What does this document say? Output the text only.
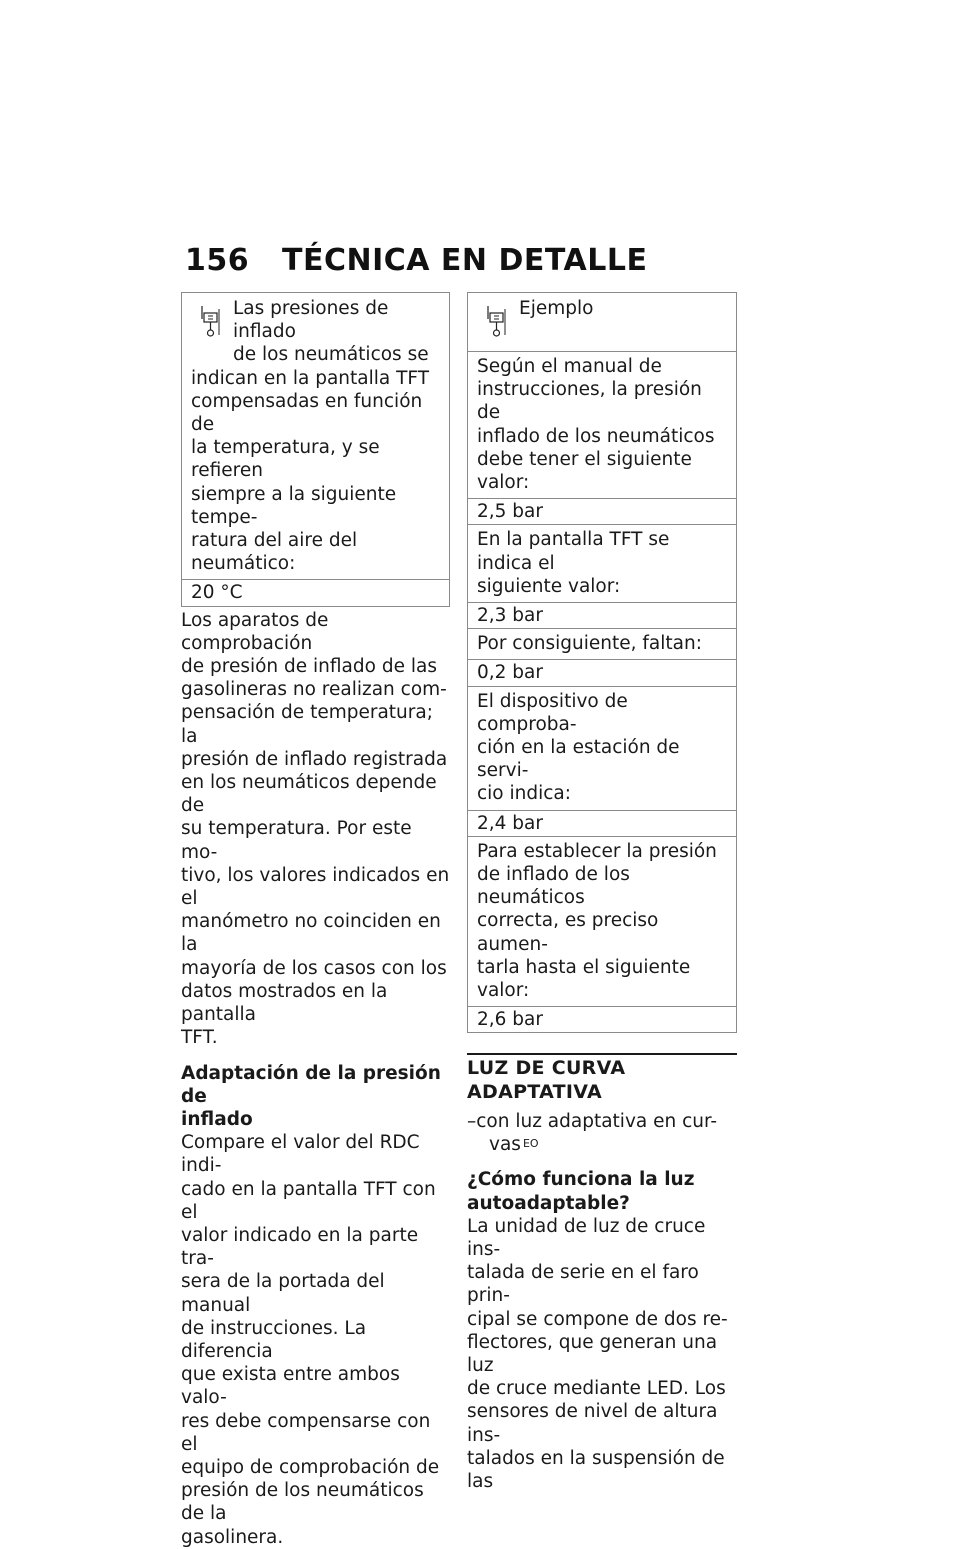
156 TÉCNICA EN DETALLE
Las presiones de inflado
de los neumáticos se
indican en la pantalla TFT
compensadas en función de
la temperatura, y se refieren
siempre a la siguiente tempe-
ratura del aire del neumático:
20 °C
Los aparatos de comprobación
de presión de inflado de las
gasolineras no realizan com-
pensación de temperatura; la
presión de inflado registrada
en los neumáticos depende de
su temperatura. Por este mo-
tivo, los valores indicados en el
manómetro no coinciden en la
mayoría de los casos con los
datos mostrados en la pantalla
TFT.
Adaptación de la presión de
inflado
Compare el valor del RDC indi-
cado en la pantalla TFT con el
valor indicado en la parte tra-
sera de la portada del manual
de instrucciones. La diferencia
que exista entre ambos valo-
res debe compensarse con el
equipo de comprobación de
presión de los neumáticos de la
gasolinera.
Ejemplo
Según el manual de
instrucciones, la presión de
inflado de los neumáticos
debe tener el siguiente valor:
2,5 bar
En la pantalla TFT se indica el
siguiente valor:
2,3 bar
Por consiguiente, faltan:
0,2 bar
El dispositivo de comproba-
ción en la estación de servi-
cio indica:
2,4 bar
Para establecer la presión
de inflado de los neumáticos
correcta, es preciso aumen-
tarla hasta el siguiente valor:
2,6 bar
LUZ DE CURVA ADAPTATIVA
–con luz adaptativa en cur-
vas $^{EO}$
¿Cómo funciona la luz
autoadaptable?
La unidad de luz de cruce ins-
talada de serie en el faro prin-
cipal se compone de dos re-
flectores, que generan una luz
de cruce mediante LED. Los
sensores de nivel de altura ins-
talados en la suspensión de las
